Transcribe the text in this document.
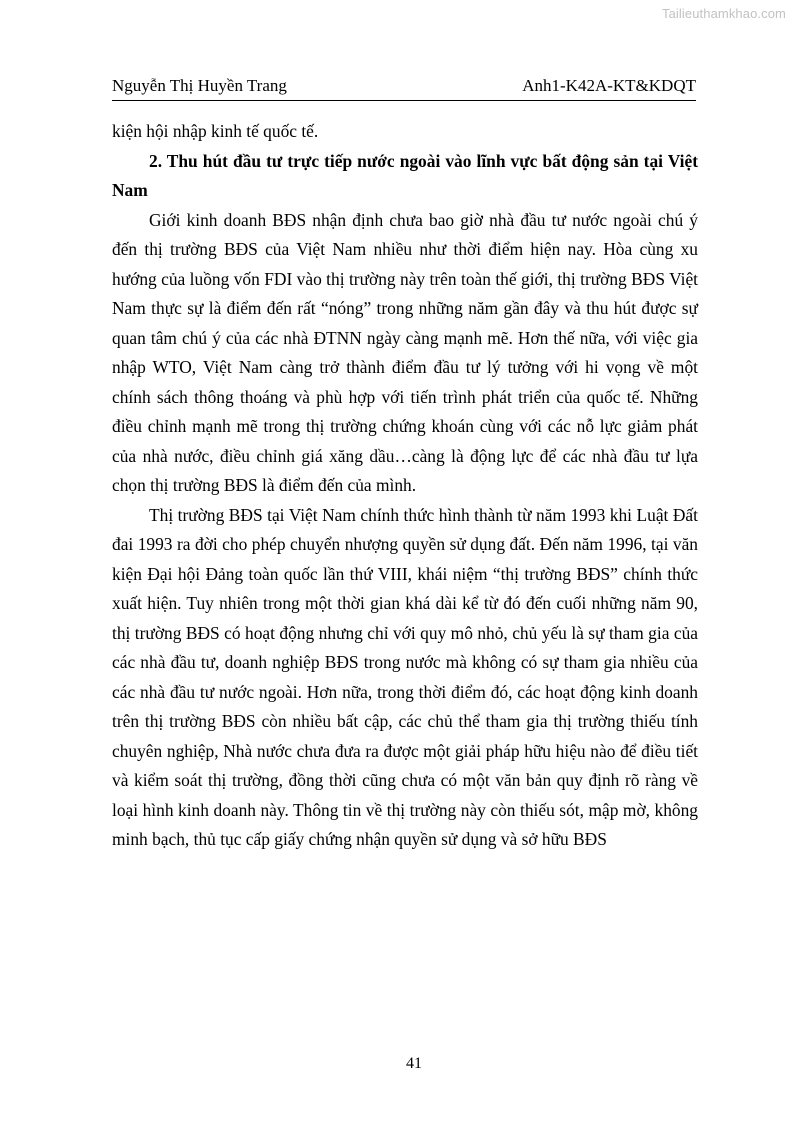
Tailieuthamkhao.com
Nguyễn Thị Huyền Trang	Anh1-K42A-KT&KDQT

kiện hội nhập kinh tế quốc tế.

2. Thu hút đầu tư trực tiếp nước ngoài vào lĩnh vực bất động sản tại Việt Nam

Giới kinh doanh BĐS nhận định chưa bao giờ nhà đầu tư nước ngoài chú ý đến thị trường BĐS của Việt Nam nhiều như thời điểm hiện nay. Hòa cùng xu hướng của luồng vốn FDI vào thị trường này trên toàn thế giới, thị trường BĐS Việt Nam thực sự là điểm đến rất “nóng” trong những năm gần đây và thu hút được sự quan tâm chú ý của các nhà ĐTNN ngày càng mạnh mẽ. Hơn thế nữa, với việc gia nhập WTO, Việt Nam càng trở thành điểm đầu tư lý tưởng với hi vọng về một chính sách thông thoáng và phù hợp với tiến trình phát triển của quốc tế. Những điều chỉnh mạnh mẽ trong thị trường chứng khoán cùng với các nỗ lực giảm phát của nhà nước, điều chỉnh giá xăng dầu…càng là động lực để các nhà đầu tư lựa chọn thị trường BĐS là điểm đến của mình.

Thị trường BĐS tại Việt Nam chính thức hình thành từ năm 1993 khi Luật Đất đai 1993 ra đời cho phép chuyển nhượng quyền sử dụng đất. Đến năm 1996, tại văn kiện Đại hội Đảng toàn quốc lần thứ VIII, khái niệm “thị trường BĐS” chính thức xuất hiện. Tuy nhiên trong một thời gian khá dài kể từ đó đến cuối những năm 90, thị trường BĐS có hoạt động nhưng chỉ với quy mô nhỏ, chủ yếu là sự tham gia của các nhà đầu tư, doanh nghiệp BĐS trong nước mà không có sự tham gia nhiều của các nhà đầu tư nước ngoài. Hơn nữa, trong thời điểm đó, các hoạt động kinh doanh trên thị trường BĐS còn nhiều bất cập, các chủ thể tham gia thị trường thiếu tính chuyên nghiệp, Nhà nước chưa đưa ra được một giải pháp hữu hiệu nào để điều tiết và kiểm soát thị trường, đồng thời cũng chưa có một văn bản quy định rõ ràng về loại hình kinh doanh này. Thông tin về thị trường này còn thiếu sót, mập mờ, không minh bạch, thủ tục cấp giấy chứng nhận quyền sử dụng và sở hữu BĐS

41
